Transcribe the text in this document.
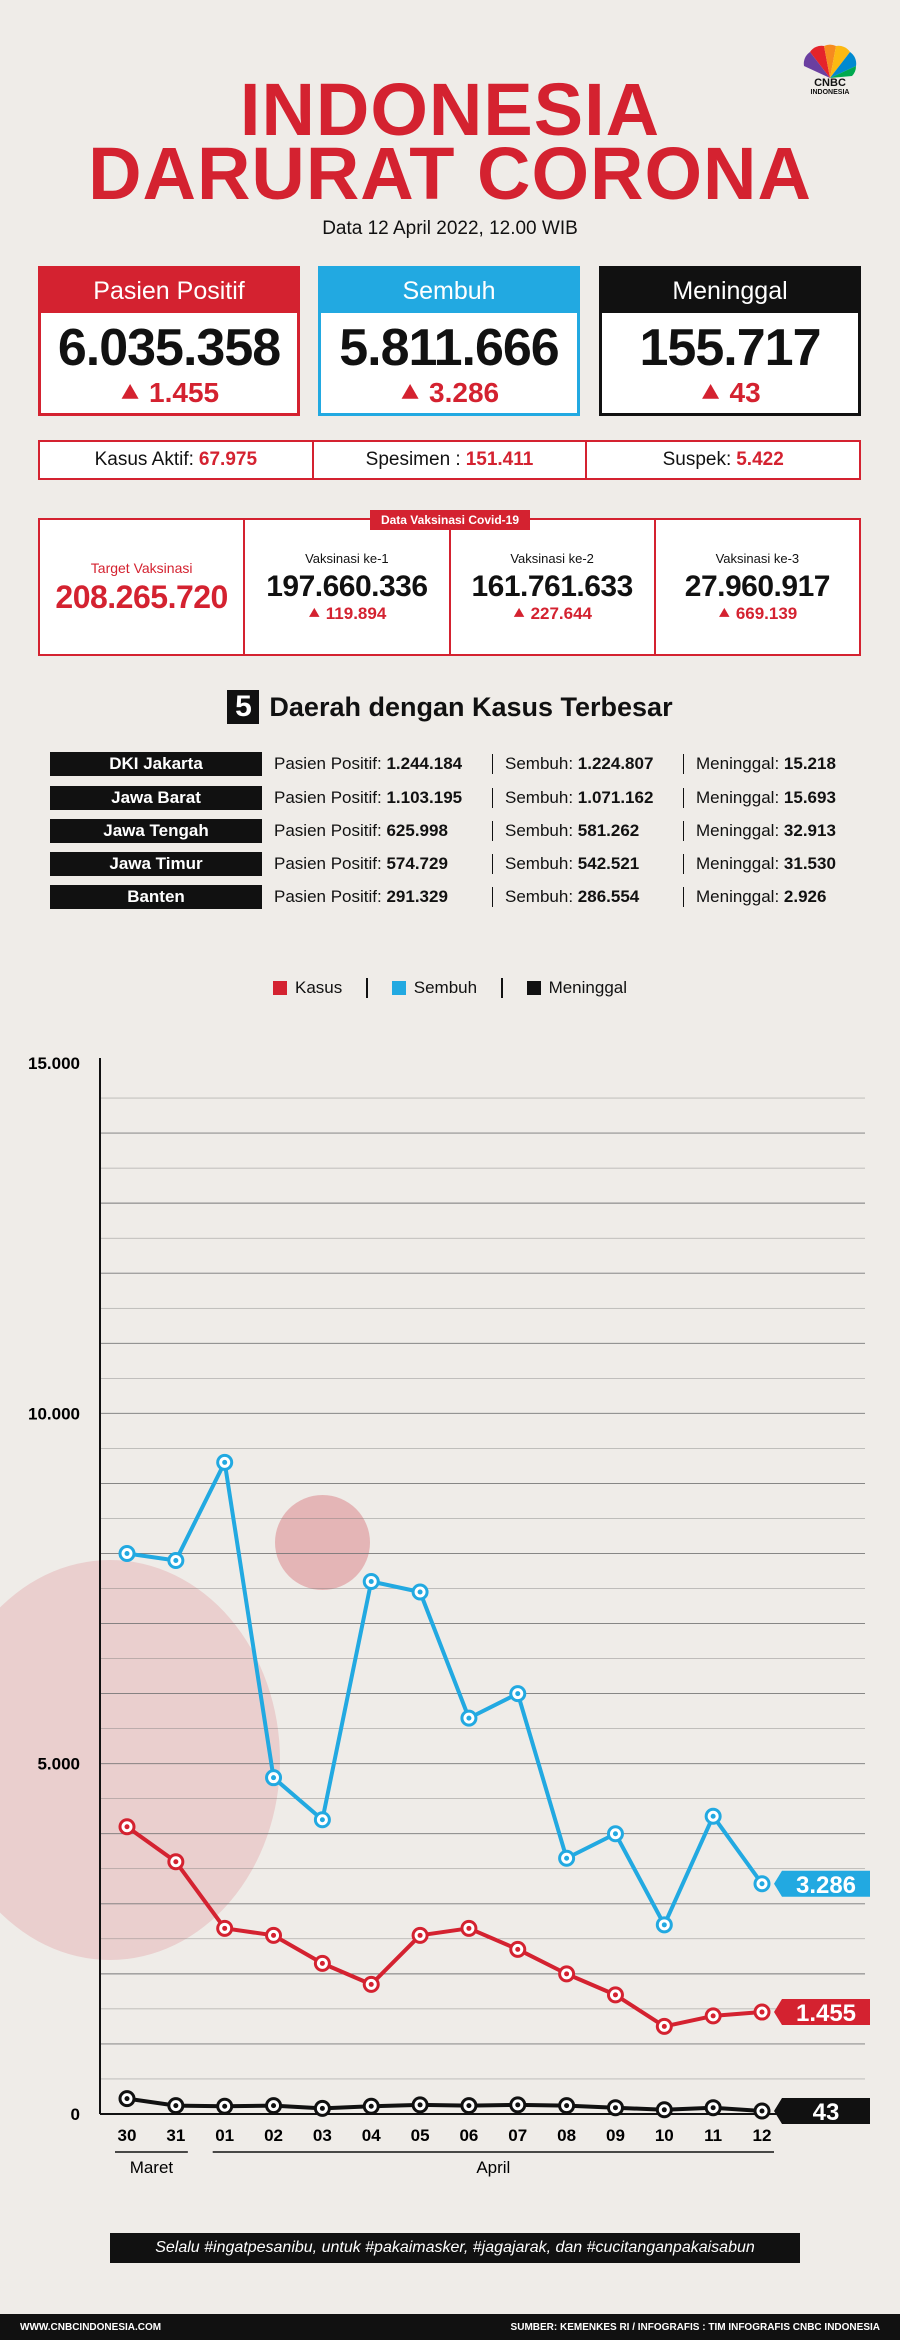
CNBC
INDONESIA
INDONESIA
DARURAT CORONA
Data 12 April 2022, 12.00 WIB
Pasien Positif
6.035.358
⯅ 1.455
Sembuh
5.811.666
⯅ 3.286
Meninggal
155.717
⯅ 43
Kasus Aktif: 67.975	Spesimen : 151.411	Suspek: 5.422
Target Vaksinasi
208.265.720
Vaksinasi ke-1
197.660.336
⯅ 119.894
Vaksinasi ke-2
161.761.633
⯅ 227.644
Vaksinasi ke-3
27.960.917
⯅ 669.139
Data Vaksinasi Covid-19
5 Daerah dengan Kasus Terbesar
DKI Jakarta	Pasien Positif: 1.244.184	Sembuh: 1.224.807	Meninggal: 15.218
Jawa Barat	Pasien Positif: 1.103.195	Sembuh: 1.071.162	Meninggal: 15.693
Jawa Tengah	Pasien Positif: 625.998	Sembuh: 581.262	Meninggal: 32.913
Jawa Timur	Pasien Positif: 574.729	Sembuh: 542.521	Meninggal: 31.530
Banten	Pasien Positif: 291.329	Sembuh: 286.554	Meninggal: 2.926
Kasus	Sembuh	Meninggal
0
5.000
10.000
15.000
30 31 01 02 03 04 05 06 07 08 09 10 11 12
Maret	April
1.455
3.286
43
Selalu #ingatpesanibu, untuk #pakaimasker, #jagajarak, dan #cucitanganpakaisabun
WWW.CNBCINDONESIA.COM	SUMBER: KEMENKES RI / INFOGRAFIS : TIM INFOGRAFIS CNBC INDONESIA
